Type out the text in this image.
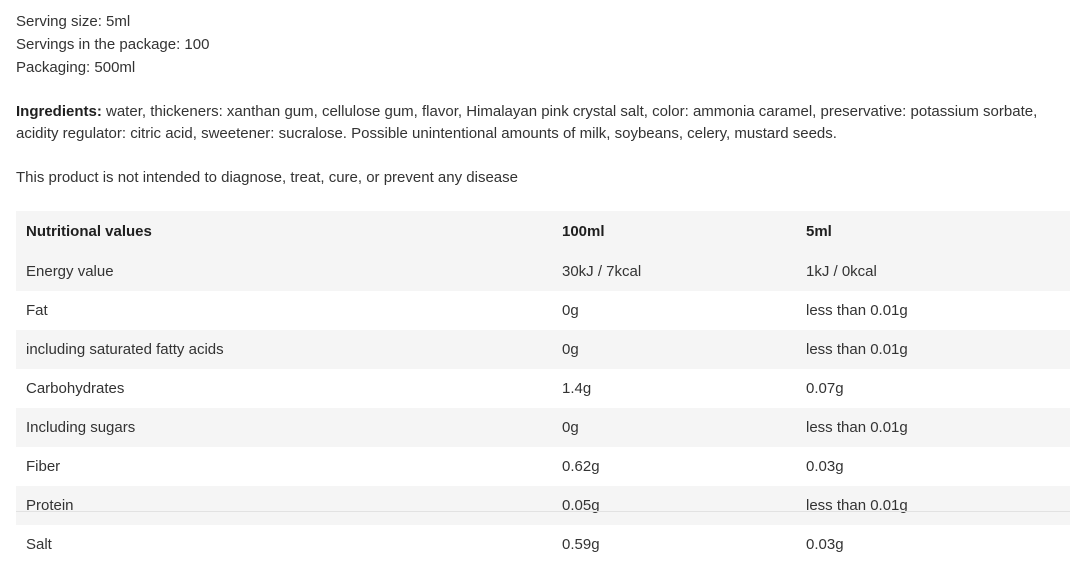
Serving size: 5ml
Servings in the package: 100
Packaging: 500ml
Ingredients: water, thickeners: xanthan gum, cellulose gum, flavor, Himalayan pink crystal salt, color: ammonia caramel, preservative: potassium sorbate, acidity regulator: citric acid, sweetener: sucralose. Possible unintentional amounts of milk, soybeans, celery, mustard seeds.
This product is not intended to diagnose, treat, cure, or prevent any disease
Nutritional values	100ml	5ml
Energy value	30kJ / 7kcal	1kJ / 0kcal
Fat	0g	less than 0.01g
including saturated fatty acids	0g	less than 0.01g
Carbohydrates	1.4g	0.07g
Including sugars	0g	less than 0.01g
Fiber	0.62g	0.03g
Protein	0.05g	less than 0.01g
Salt	0.59g	0.03g
